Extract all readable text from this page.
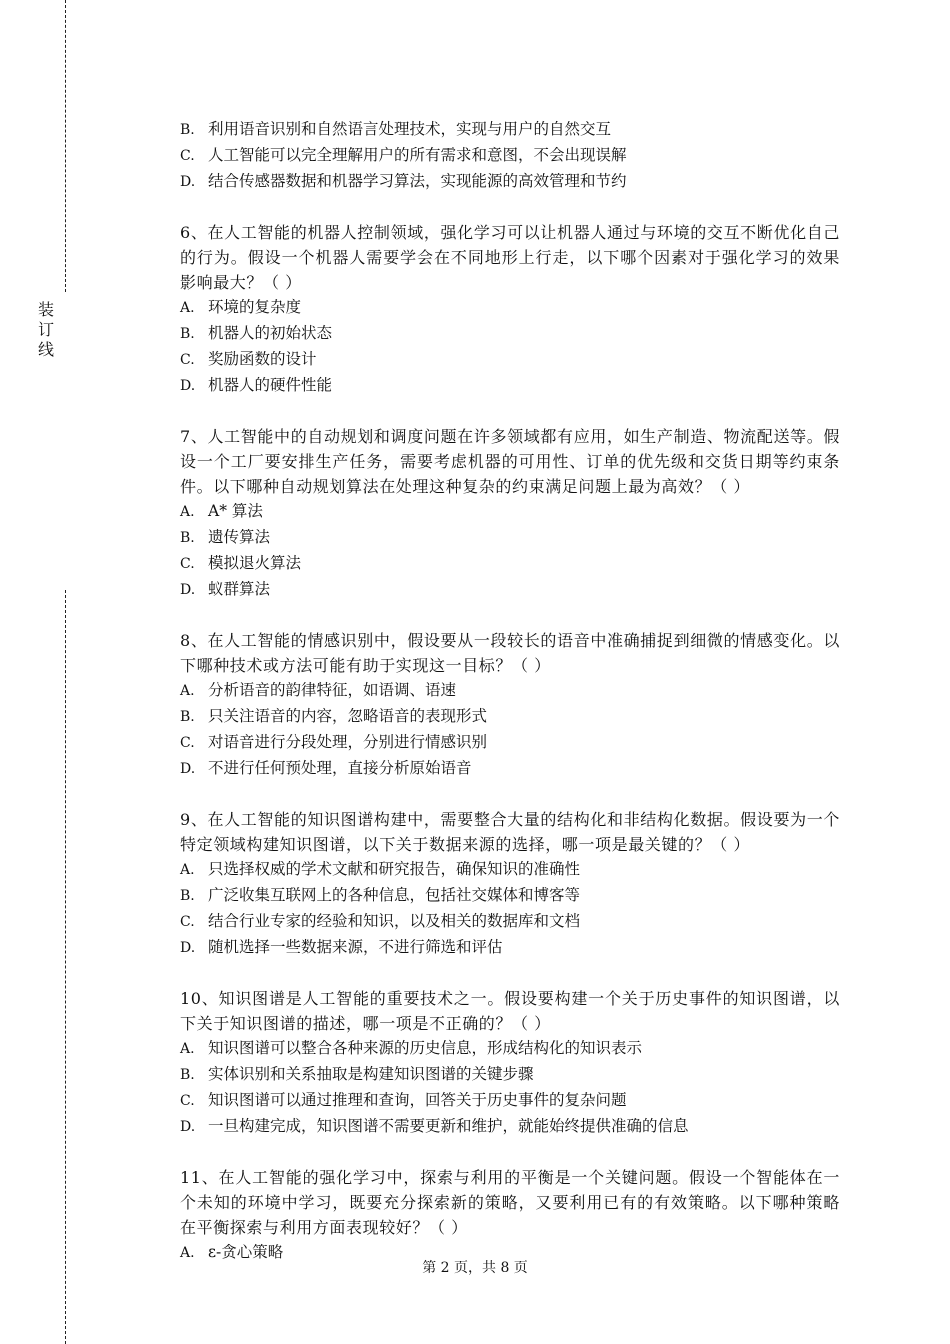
装
订
线
B. 利用语音识别和自然语言处理技术，实现与用户的自然交互
C. 人工智能可以完全理解用户的所有需求和意图，不会出现误解
D. 结合传感器数据和机器学习算法，实现能源的高效管理和节约

6、在人工智能的机器人控制领域，强化学习可以让机器人通过与环境的交互不断优化自己的行为。假设一个机器人需要学会在不同地形上行走，以下哪个因素对于强化学习的效果影响最大？（ ）

A. 环境的复杂度
B. 机器人的初始状态
C. 奖励函数的设计
D. 机器人的硬件性能

7、人工智能中的自动规划和调度问题在许多领域都有应用，如生产制造、物流配送等。假设一个工厂要安排生产任务，需要考虑机器的可用性、订单的优先级和交货日期等约束条件。以下哪种自动规划算法在处理这种复杂的约束满足问题上最为高效？（ ）

A. A* 算法
B. 遗传算法
C. 模拟退火算法
D. 蚁群算法

8、在人工智能的情感识别中，假设要从一段较长的语音中准确捕捉到细微的情感变化。以下哪种技术或方法可能有助于实现这一目标？（ ）

A. 分析语音的韵律特征，如语调、语速
B. 只关注语音的内容，忽略语音的表现形式
C. 对语音进行分段处理，分别进行情感识别
D. 不进行任何预处理，直接分析原始语音

9、在人工智能的知识图谱构建中，需要整合大量的结构化和非结构化数据。假设要为一个特定领域构建知识图谱，以下关于数据来源的选择，哪一项是最关键的？（ ）

A. 只选择权威的学术文献和研究报告，确保知识的准确性
B. 广泛收集互联网上的各种信息，包括社交媒体和博客等
C. 结合行业专家的经验和知识，以及相关的数据库和文档
D. 随机选择一些数据来源，不进行筛选和评估

10、知识图谱是人工智能的重要技术之一。假设要构建一个关于历史事件的知识图谱，以下关于知识图谱的描述，哪一项是不正确的？（ ）

A. 知识图谱可以整合各种来源的历史信息，形成结构化的知识表示
B. 实体识别和关系抽取是构建知识图谱的关键步骤
C. 知识图谱可以通过推理和查询，回答关于历史事件的复杂问题
D. 一旦构建完成，知识图谱不需要更新和维护，就能始终提供准确的信息

11、在人工智能的强化学习中，探索与利用的平衡是一个关键问题。假设一个智能体在一个未知的环境中学习，既要充分探索新的策略，又要利用已有的有效策略。以下哪种策略在平衡探索与利用方面表现较好？（ ）

A. ε-贪心策略
第 2 页，共 8 页
